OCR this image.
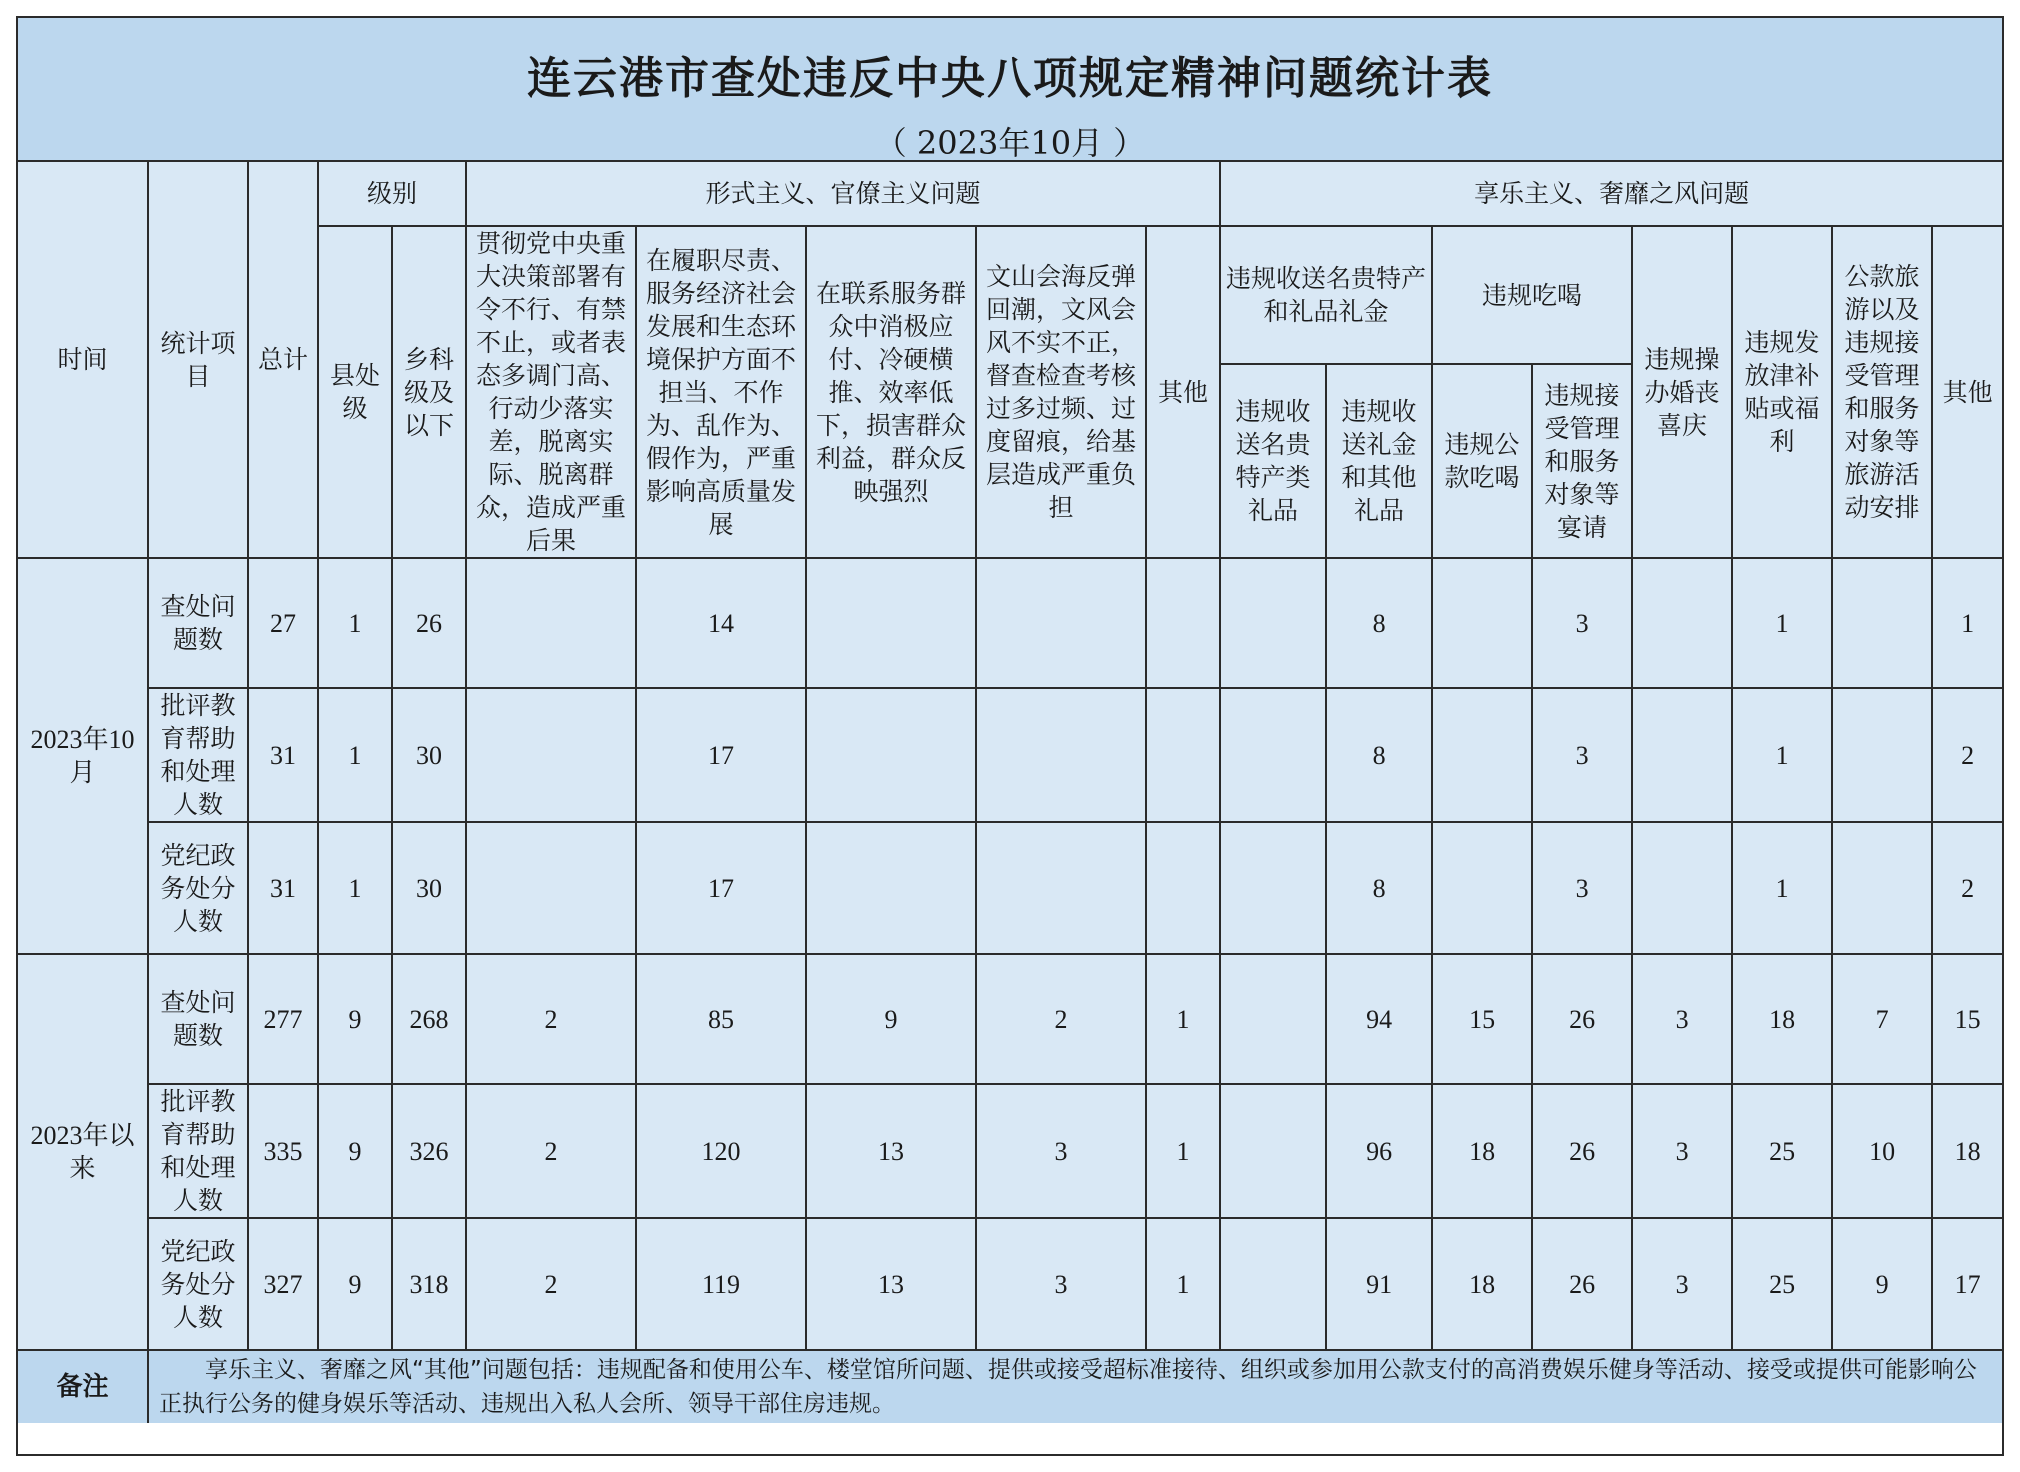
连云港市查处违反中央八项规定精神问题统计表
（ 2023年10月 ）
时间	统计项目	总计	级别		形式主义、官僚主义问题					享乐主义、奢靡之风问题							
			县处级	乡科级及以下	贯彻党中央重大决策部署有令不行、有禁不止，或者表态多调门高、行动少落实差，脱离实际、脱离群众，造成严重后果	在履职尽责、服务经济社会发展和生态环境保护方面不担当、不作为、乱作为、假作为，严重影响高质量发展	在联系服务群众中消极应付、冷硬横推、效率低下，损害群众利益，群众反映强烈	文山会海反弹回潮，文风会风不实不正，督查检查考核过多过频、过度留痕，给基层造成严重负担	其他	违规收送名贵特产和礼品礼金		违规吃喝		违规操办婚丧喜庆	违规发放津补贴或福利	公款旅游以及违规接受管理和服务对象等旅游活动安排	其他
										违规收送名贵特产类礼品	违规收送礼金和其他礼品	违规公款吃喝	违规接受管理和服务对象等宴请				

2023年10月	查处问题数	27	1	26		14					8		3		1		1
	批评教育帮助和处理人数	31	1	30		17					8		3		1		2
	党纪政务处分人数	31	1	30		17					8		3		1		2
2023年以来	查处问题数	277	9	268	2	85	9	2	1		94	15	26	3	18	7	15
	批评教育帮助和处理人数	335	9	326	2	120	13	3	1		96	18	26	3	25	10	18
	党纪政务处分人数	327	9	318	2	119	13	3	1		91	18	26	3	25	9	17
备注	享乐主义、奢靡之风“其他”问题包括：违规配备和使用公车、楼堂馆所问题、提供或接受超标准接待、组织或参加用公款支付的高消费娱乐健身等活动、接受或提供可能影响公正执行公务的健身娱乐等活动、违规出入私人会所、领导干部住房违规。																
